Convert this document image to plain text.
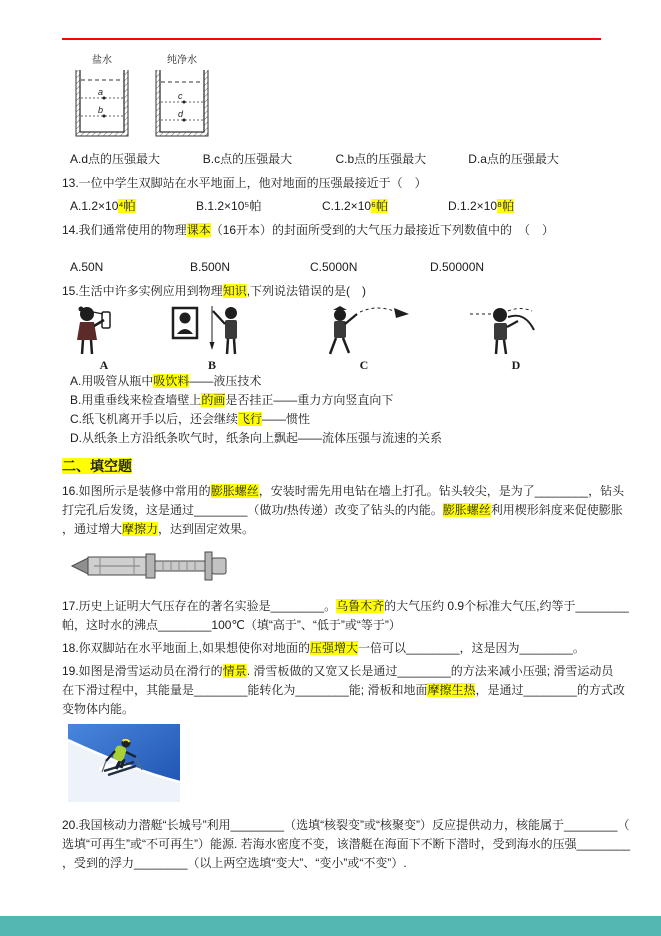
盐水	纯净水
a
b
c
d
A.d点的压强最大	B.c点的压强最大	C.b点的压强最大	D.a点的压强最大
13.一位中学生双脚站在水平地面上，他对地面的压强最接近于（　）
A.1.2×10⁴帕	B.1.2×10⁵帕	C.1.2×10⁶帕	D.1.2×10⁸帕
14.我们通常使用的物理课本（16开本）的封面所受到的大气压力最接近下列数值中的　（　）
A.50N	B.500N	C.5000N	D.50000N
15.生活中许多实例应用到物理知识,下列说法错误的是(　)
A	B	C	D
A.用吸管从瓶中吸饮料——液压技术
B.用重垂线来检查墙壁上的画是否挂正——重力方向竖直向下
C.纸飞机离开手以后，还会继续飞行——惯性
D.从纸条上方沿纸条吹气时，纸条向上飘起——流体压强与流速的关系
二、填空题
16.如图所示是装修中常用的膨胀螺丝，安装时需先用电钻在墙上打孔。钻头较尖，是为了________，钻头
打完孔后发烫，这是通过________（做功/热传递）改变了钻头的内能。膨胀螺丝利用楔形斜度来促使膨胀
，通过增大摩擦力，达到固定效果。
17.历史上证明大气压存在的著名实验是________。乌鲁木齐的大气压约 0.9个标准大气压,约等于________
帕，这时水的沸点________100℃（填“高于”、“低于”或“等于”）
18.你双脚站在水平地面上,如果想使你对地面的压强增大一倍可以________，这是因为________。
19.如图是滑雪运动员在滑行的情景. 滑雪板做的又宽又长是通过________的方法来减小压强; 滑雪运动员
在下滑过程中，其能量是________能转化为________能; 滑板和地面摩擦生热，是通过________的方式改
变物体内能。
20.我国核动力潜艇“长城号”利用________（选填“核裂变”或“核聚变”）反应提供动力，核能属于________（
选填“可再生”或“不可再生”）能源. 若海水密度不变，该潜艇在海面下不断下潜时，受到海水的压强________
，受到的浮力________（以上两空选填“变大”、“变小”或“不变”）.
